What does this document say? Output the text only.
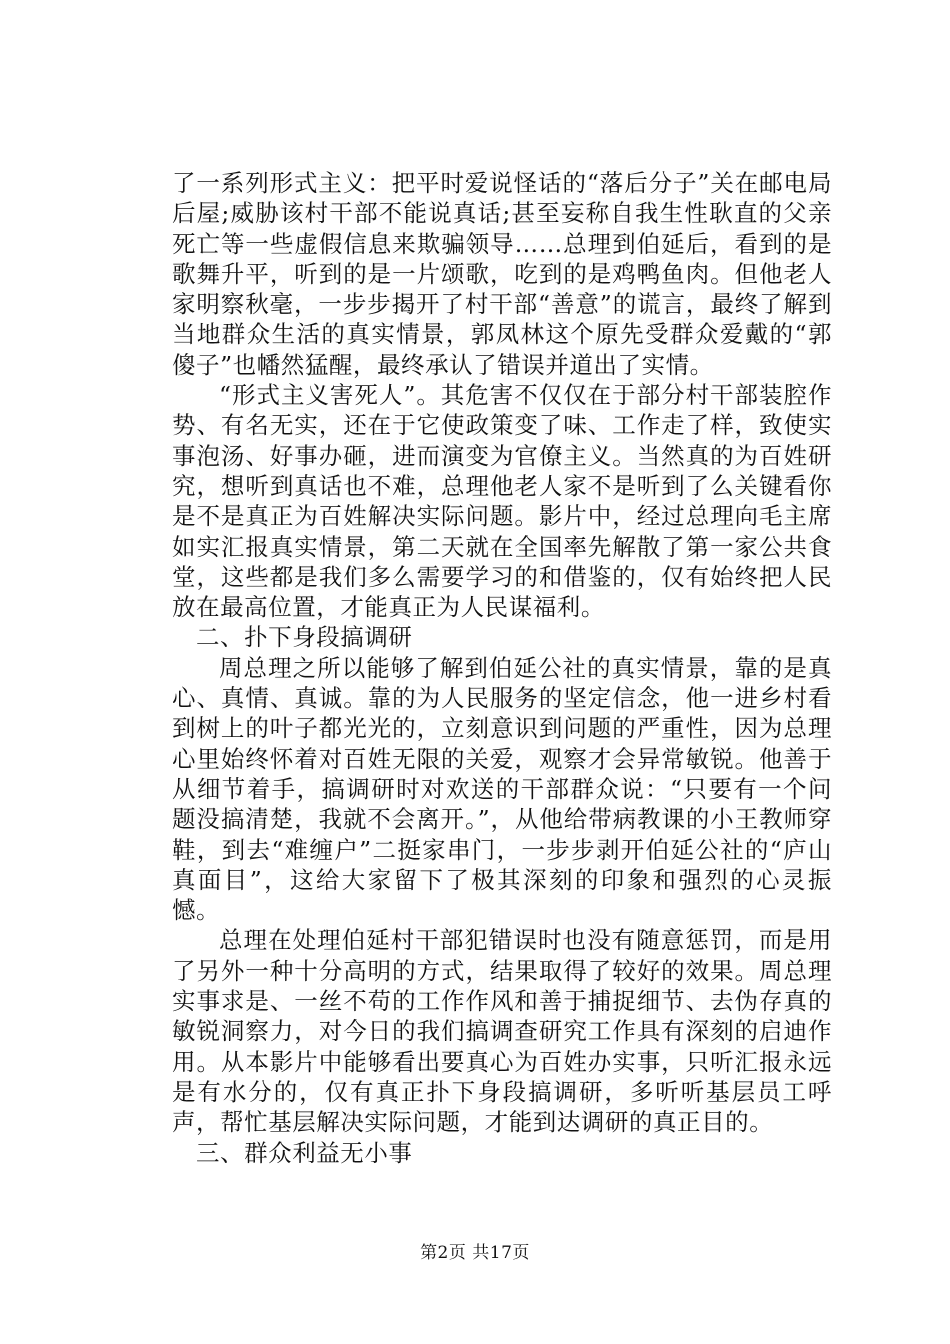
了一系列形式主义：把平时爱说怪话的“落后分子”关在邮电局后屋;威胁该村干部不能说真话;甚至妄称自我生性耿直的父亲死亡等一些虚假信息来欺骗领导……总理到伯延后，看到的是歌舞升平，听到的是一片颂歌，吃到的是鸡鸭鱼肉。但他老人家明察秋毫，一步步揭开了村干部“善意”的谎言，最终了解到当地群众生活的真实情景，郭凤林这个原先受群众爱戴的“郭傻子”也幡然猛醒，最终承认了错误并道出了实情。

“形式主义害死人”。其危害不仅仅在于部分村干部装腔作势、有名无实，还在于它使政策变了味、工作走了样，致使实事泡汤、好事办砸，进而演变为官僚主义。当然真的为百姓研究，想听到真话也不难，总理他老人家不是听到了么关键看你是不是真正为百姓解决实际问题。影片中，经过总理向毛主席如实汇报真实情景，第二天就在全国率先解散了第一家公共食堂，这些都是我们多么需要学习的和借鉴的，仅有始终把人民放在最高位置，才能真正为人民谋福利。

二、扑下身段搞调研

周总理之所以能够了解到伯延公社的真实情景，靠的是真心、真情、真诚。靠的为人民服务的坚定信念，他一进乡村看到树上的叶子都光光的，立刻意识到问题的严重性，因为总理心里始终怀着对百姓无限的关爱，观察才会异常敏锐。他善于从细节着手，搞调研时对欢送的干部群众说：“只要有一个问题没搞清楚，我就不会离开。”，从他给带病教课的小王教师穿鞋，到去“难缠户”二挺家串门，一步步剥开伯延公社的“庐山真面目”，这给大家留下了极其深刻的印象和强烈的心灵振憾。

总理在处理伯延村干部犯错误时也没有随意惩罚，而是用了另外一种十分高明的方式，结果取得了较好的效果。周总理实事求是、一丝不苟的工作作风和善于捕捉细节、去伪存真的敏锐洞察力，对今日的我们搞调查研究工作具有深刻的启迪作用。从本影片中能够看出要真心为百姓办实事，只听汇报永远是有水分的，仅有真正扑下身段搞调研，多听听基层员工呼声，帮忙基层解决实际问题，才能到达调研的真正目的。

三、群众利益无小事

第2页 共17页
